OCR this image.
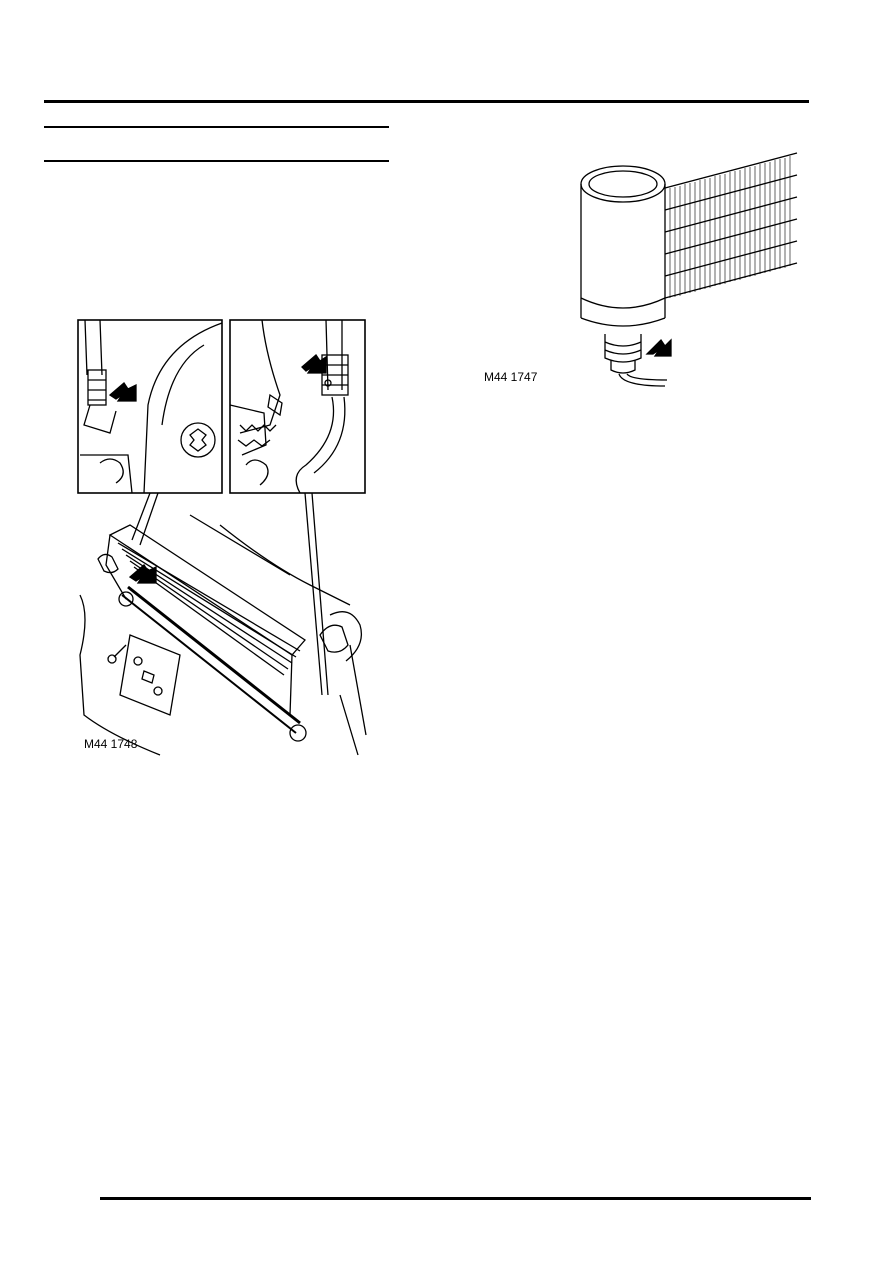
M44 1748
M44 1747
